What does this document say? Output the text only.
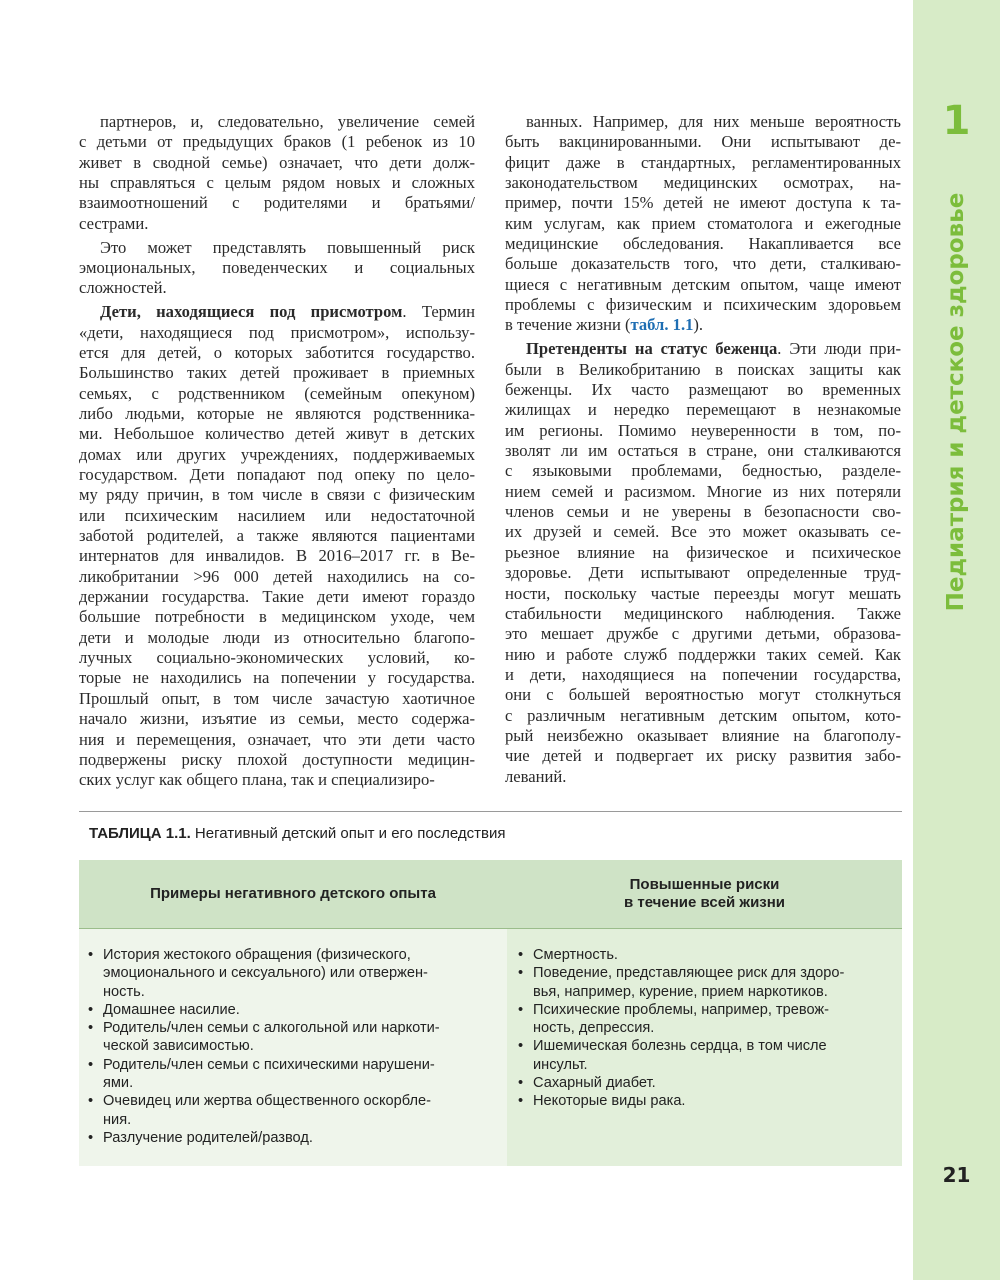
1
Педиатрия и детское здоровье
21
партнеров, и, следовательно, увеличение семей
с детьми от предыдущих браков (1 ребенок из 10
живет в сводной семье) означает, что дети долж-
ны справляться с целым рядом новых и сложных
взаимоотношений с родителями и братьями/
сестрами.
Это может представлять повышенный риск
эмоциональных, поведенческих и социальных
сложностей.
Дети, находящиеся под присмотром. Термин
«дети, находящиеся под присмотром», использу-
ется для детей, о которых заботится государство.
Большинство таких детей проживает в приемных
семьях, с родственником (семейным опекуном)
либо людьми, которые не являются родственника-
ми. Небольшое количество детей живут в детских
домах или других учреждениях, поддерживаемых
государством. Дети попадают под опеку по цело-
му ряду причин, в том числе в связи с физическим
или психическим насилием или недостаточной
заботой родителей, а также являются пациентами
интернатов для инвалидов. В 2016–2017 гг. в Ве-
ликобритании >96 000 детей находились на со-
держании государства. Такие дети имеют гораздо
большие потребности в медицинском уходе, чем
дети и молодые люди из относительно благопо-
лучных социально-экономических условий, ко-
торые не находились на попечении у государства.
Прошлый опыт, в том числе зачастую хаотичное
начало жизни, изъятие из семьи, место содержа-
ния и перемещения, означает, что эти дети часто
подвержены риску плохой доступности медицин-
ских услуг как общего плана, так и специализиро-
ванных. Например, для них меньше вероятность
быть вакцинированными. Они испытывают де-
фицит даже в стандартных, регламентированных
законодательством медицинских осмотрах, на-
пример, почти 15% детей не имеют доступа к та-
ким услугам, как прием стоматолога и ежегодные
медицинские обследования. Накапливается все
больше доказательств того, что дети, сталкиваю-
щиеся с негативным детским опытом, чаще имеют
проблемы с физическим и психическим здоровьем
в течение жизни (табл. 1.1).
Претенденты на статус беженца. Эти люди при-
были в Великобританию в поисках защиты как
беженцы. Их часто размещают во временных
жилищах и нередко перемещают в незнакомые
им регионы. Помимо неуверенности в том, по-
зволят ли им остаться в стране, они сталкиваются
с языковыми проблемами, бедностью, разделе-
нием семей и расизмом. Многие из них потеряли
членов семьи и не уверены в безопасности сво-
их друзей и семей. Все это может оказывать се-
рьезное влияние на физическое и психическое
здоровье. Дети испытывают определенные труд-
ности, поскольку частые переезды могут мешать
стабильности медицинского наблюдения. Также
это мешает дружбе с другими детьми, образова-
нию и работе служб поддержки таких семей. Как
и дети, находящиеся на попечении государства,
они с большей вероятностью могут столкнуться
с различным негативным детским опытом, кото-
рый неизбежно оказывает влияние на благополу-
чие детей и подвергает их риску развития забо-
леваний.
ТАБЛИЦА 1.1. Негативный детский опыт и его последствия
Примеры негативного детского опыта
Повышенные риски
в течение всей жизни
• История жестокого обращения (физического,
эмоционального и сексуального) или отвержен-
ность.
• Домашнее насилие.
• Родитель/член семьи с алкогольной или наркоти-
ческой зависимостью.
• Родитель/член семьи с психическими нарушени-
ями.
• Очевидец или жертва общественного оскорбле-
ния.
• Разлучение родителей/развод.
• Смертность.
• Поведение, представляющее риск для здоро-
вья, например, курение, прием наркотиков.
• Психические проблемы, например, тревож-
ность, депрессия.
• Ишемическая болезнь сердца, в том числе
инсульт.
• Сахарный диабет.
• Некоторые виды рака.
